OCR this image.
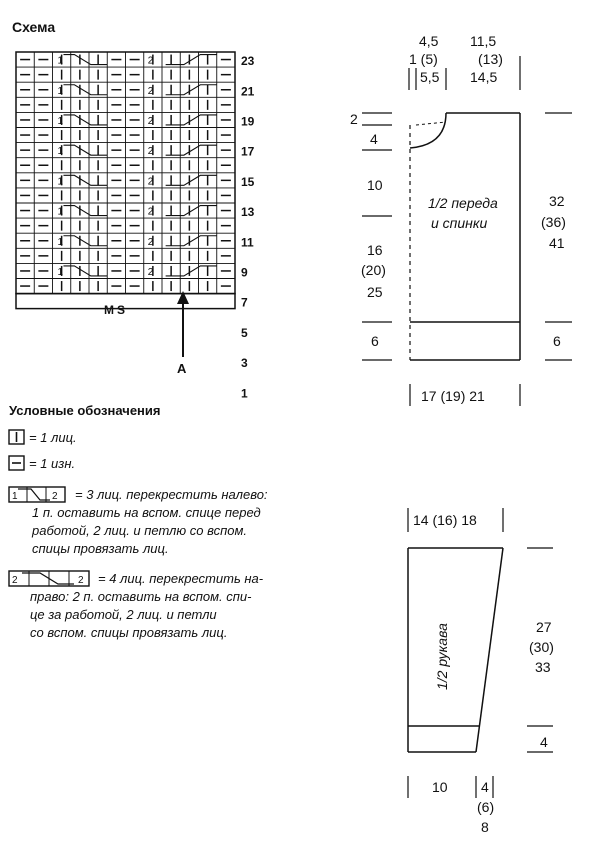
Схема
1	2
1	2
1	2
1	2
1	2
1	2
1	2
1	2
23
21
19
17
15
13
11
9
7
5
3
1
MS
A
Условные обозначения
= 1 лиц.
= 1 изн.
1	2 = 3 лиц. перекрестить налево:
1 п. оставить на вспом. спице перед
работой, 2 лиц. и петлю со вспом.
спицы провязать лиц.
2	2 = 4 лиц. перекрестить на-
право: 2 п. оставить на вспом. спи-
це за работой, 2 лиц. и петли
со вспом. спицы провязать лиц.
4,5 11,5
1 (5)	(13)
5,5 14,5
2
4
10
16
(20)
25
6
32
(36)
41
6
1/2 переда
и спинки
17 (19) 21
14 (16) 18
1/2 рукава	27
(30)
33
4
10 4
(6)
8
